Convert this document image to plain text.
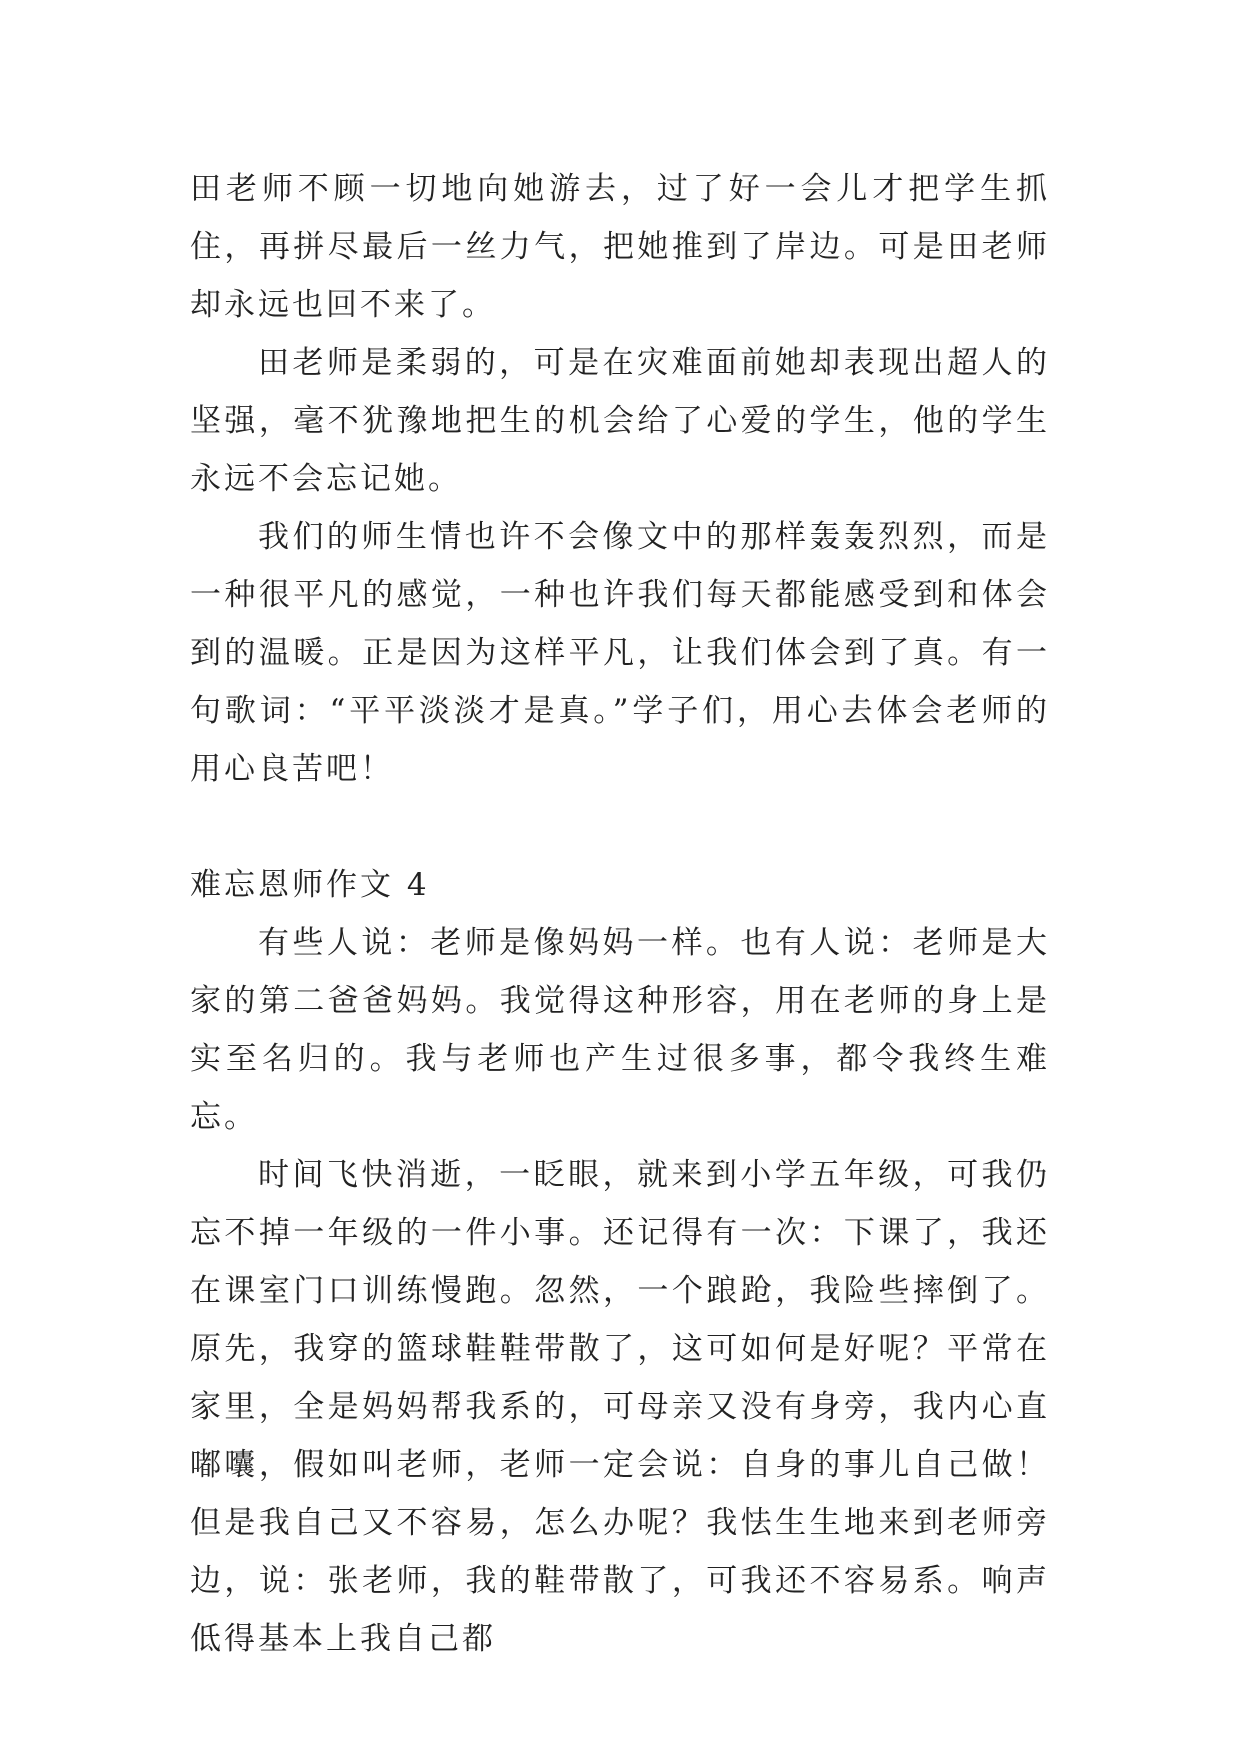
田老师不顾一切地向她游去，过了好一会儿才把学生抓住，再拼尽最后一丝力气，把她推到了岸边。可是田老师却永远也回不来了。

田老师是柔弱的，可是在灾难面前她却表现出超人的坚强，毫不犹豫地把生的机会给了心爱的学生，他的学生永远不会忘记她。

我们的师生情也许不会像文中的那样轰轰烈烈，而是一种很平凡的感觉，一种也许我们每天都能感受到和体会到的温暖。正是因为这样平凡，让我们体会到了真。有一句歌词：“平平淡淡才是真。”学子们，用心去体会老师的用心良苦吧！

难忘恩师作文 4

有些人说：老师是像妈妈一样。也有人说：老师是大家的第二爸爸妈妈。我觉得这种形容，用在老师的身上是实至名归的。我与老师也产生过很多事，都令我终生难忘。

时间飞快消逝，一眨眼，就来到小学五年级，可我仍忘不掉一年级的一件小事。还记得有一次：下课了，我还在课室门口训练慢跑。忽然，一个踉跄，我险些摔倒了。原先，我穿的篮球鞋鞋带散了，这可如何是好呢？平常在家里，全是妈妈帮我系的，可母亲又没有身旁，我内心直嘟囔，假如叫老师，老师一定会说：自身的事儿自己做！但是我自己又不容易，怎么办呢？我怯生生地来到老师旁边，说：张老师，我的鞋带散了，可我还不容易系。响声低得基本上我自己都
